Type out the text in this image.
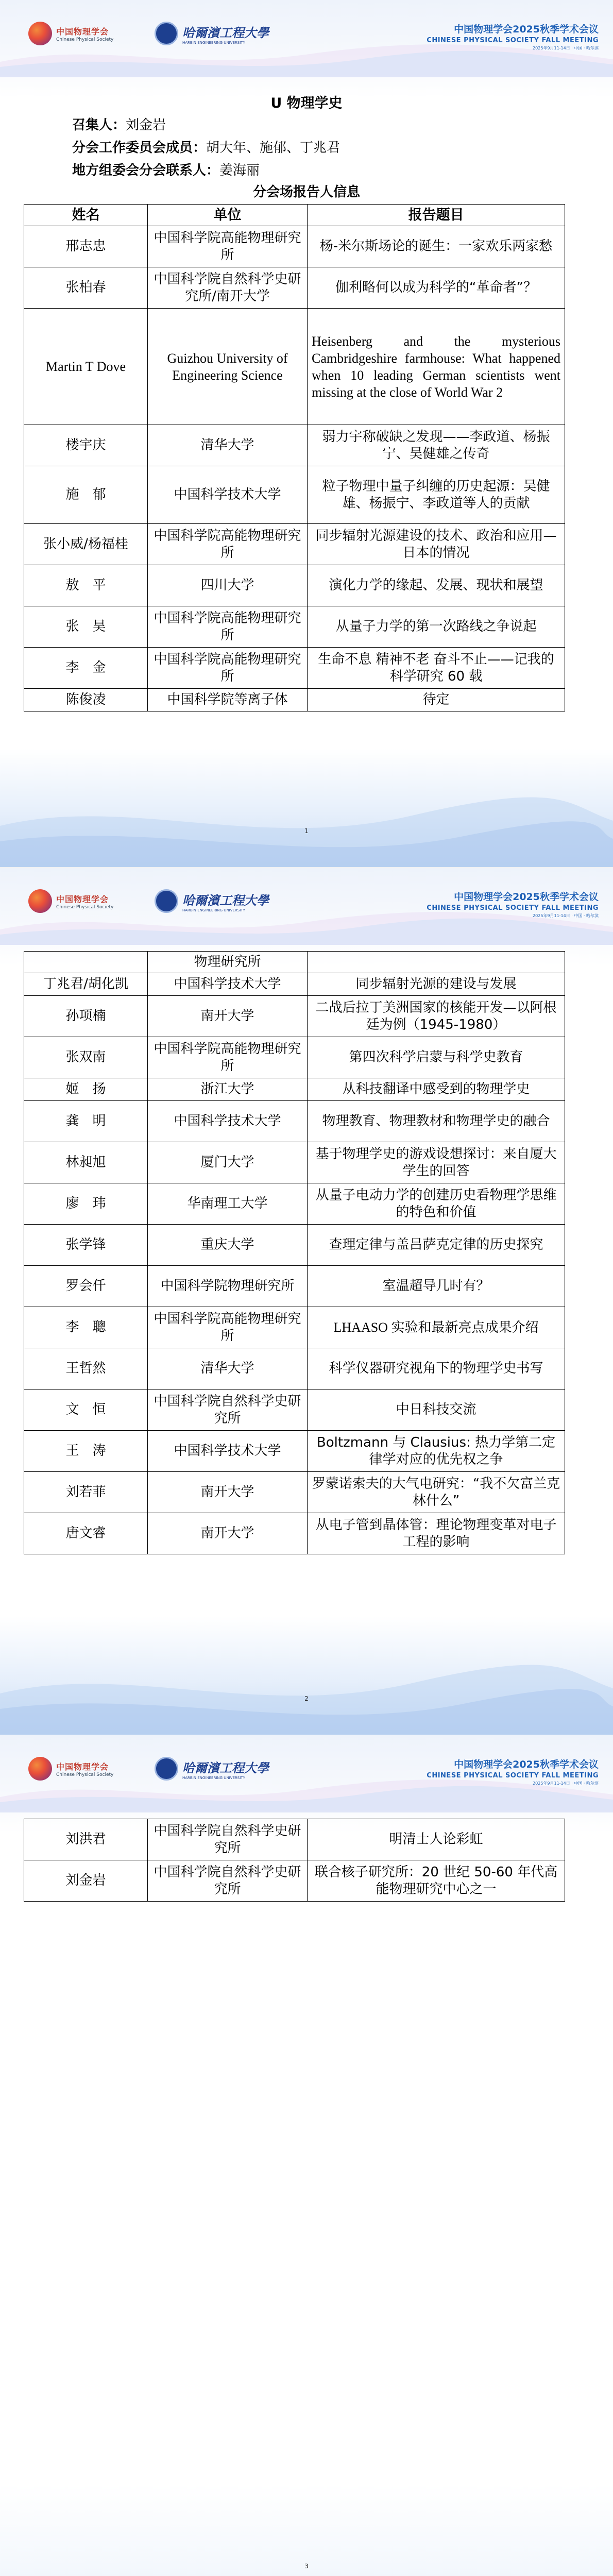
中国物理学会
Chinese Physical Society	哈爾濱工程大學
HARBIN ENGINEERING UNIVERSITY
中国物理学会2025秋季学术会议
CHINESE PHYSICAL SOCIETY FALL MEETING
2025年9月11-14日 · 中国 · 哈尔滨
U 物理学史
召集人：刘金岩
分会工作委员会成员：胡大年、施郁、丁兆君
地方组委会分会联系人：姜海丽
分会场报告人信息
姓名	单位	报告题目
邢志忠	中国科学院高能物理研究所	杨-米尔斯场论的诞生：一家欢乐两家愁
张柏春	中国科学院自然科学史研究所/南开大学	伽利略何以成为科学的“革命者”？
Martin T Dove	Guizhou University of Engineering Science	Heisenberg and the mysterious Cambridgeshire farmhouse: What happened when 10 leading German scientists went missing at the close of World War 2
楼宇庆	清华大学	弱力宇称破缺之发现——李政道、杨振宁、吴健雄之传奇
施　郁	中国科学技术大学	粒子物理中量子纠缠的历史起源：吴健雄、杨振宁、李政道等人的贡献
张小威/杨福桂	中国科学院高能物理研究所	同步辐射光源建设的技术、政治和应用—日本的情况
敖　平	四川大学	演化力学的缘起、发展、现状和展望
张　昊	中国科学院高能物理研究所	从量子力学的第一次路线之争说起
李　金	中国科学院高能物理研究所	生命不息 精神不老 奋斗不止——记我的科学研究 60 载
陈俊凌	中国科学院等离子体	待定
1
中国物理学会
Chinese Physical Society	哈爾濱工程大學
HARBIN ENGINEERING UNIVERSITY
中国物理学会2025秋季学术会议
CHINESE PHYSICAL SOCIETY FALL MEETING
2025年9月11-14日 · 中国 · 哈尔滨
	物理研究所	
丁兆君/胡化凯	中国科学技术大学	同步辐射光源的建设与发展
孙项楠	南开大学	二战后拉丁美洲国家的核能开发—以阿根廷为例（1945-1980）
张双南	中国科学院高能物理研究所	第四次科学启蒙与科学史教育
姬　扬	浙江大学	从科技翻译中感受到的物理学史
龚　明	中国科学技术大学	物理教育、物理教材和物理学史的融合
林昶旭	厦门大学	基于物理学史的游戏设想探讨：来自厦大学生的回答
廖　玮	华南理工大学	从量子电动力学的创建历史看物理学思维的特色和价值
张学锋	重庆大学	查理定律与盖吕萨克定律的历史探究
罗会仟	中国科学院物理研究所	室温超导几时有？
李　聰	中国科学院高能物理研究所	LHAASO 实验和最新亮点成果介绍
王哲然	清华大学	科学仪器研究视角下的物理学史书写
文　恒	中国科学院自然科学史研究所	中日科技交流
王　涛	中国科学技术大学	Boltzmann 与 Clausius: 热力学第二定律学对应的优先权之争
刘若菲	南开大学	罗蒙诺索夫的大气电研究：“我不欠富兰克林什么”
唐文睿	南开大学	从电子管到晶体管：理论物理变革对电子工程的影响
2
中国物理学会
Chinese Physical Society	哈爾濱工程大學
HARBIN ENGINEERING UNIVERSITY
中国物理学会2025秋季学术会议
CHINESE PHYSICAL SOCIETY FALL MEETING
2025年9月11-14日 · 中国 · 哈尔滨
刘洪君	中国科学院自然科学史研究所	明清士人论彩虹
刘金岩	中国科学院自然科学史研究所	联合核子研究所：20 世纪 50-60 年代高能物理研究中心之一
3
